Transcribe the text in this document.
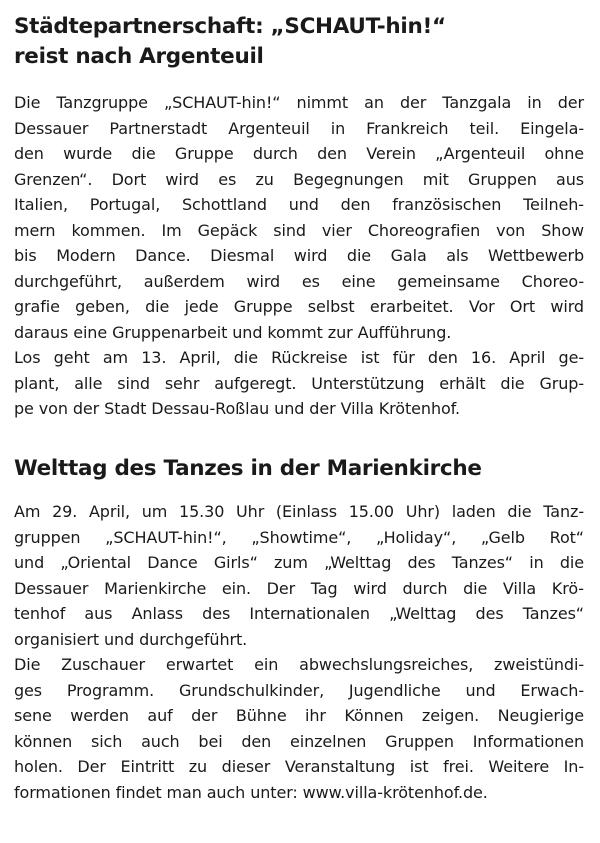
Städtepartnerschaft: „SCHAUT-hin!“
reist nach Argenteuil
Die Tanzgruppe „SCHAUT-hin!“ nimmt an der Tanzgala in der
Dessauer Partnerstadt Argenteuil in Frankreich teil. Eingela-
den wurde die Gruppe durch den Verein „Argenteuil ohne
Grenzen“. Dort wird es zu Begegnungen mit Gruppen aus
Italien, Portugal, Schottland und den französischen Teilneh-
mern kommen. Im Gepäck sind vier Choreografien von Show
bis Modern Dance. Diesmal wird die Gala als Wettbewerb
durchgeführt, außerdem wird es eine gemeinsame Choreo-
grafie geben, die jede Gruppe selbst erarbeitet. Vor Ort wird
daraus eine Gruppenarbeit und kommt zur Aufführung.
Los geht am 13. April, die Rückreise ist für den 16. April ge-
plant, alle sind sehr aufgeregt. Unterstützung erhält die Grup-
pe von der Stadt Dessau-Roßlau und der Villa Krötenhof.
Welttag des Tanzes in der Marienkirche
Am 29. April, um 15.30 Uhr (Einlass 15.00 Uhr) laden die Tanz-
gruppen „SCHAUT-hin!“, „Showtime“, „Holiday“, „Gelb Rot“
und „Oriental Dance Girls“ zum „Welttag des Tanzes“ in die
Dessauer Marienkirche ein. Der Tag wird durch die Villa Krö-
tenhof aus Anlass des Internationalen „Welttag des Tanzes“
organisiert und durchgeführt.
Die Zuschauer erwartet ein abwechslungsreiches, zweistündi-
ges Programm. Grundschulkinder, Jugendliche und Erwach-
sene werden auf der Bühne ihr Können zeigen. Neugierige
können sich auch bei den einzelnen Gruppen Informationen
holen. Der Eintritt zu dieser Veranstaltung ist frei. Weitere In-
formationen findet man auch unter: www.villa-krötenhof.de.
